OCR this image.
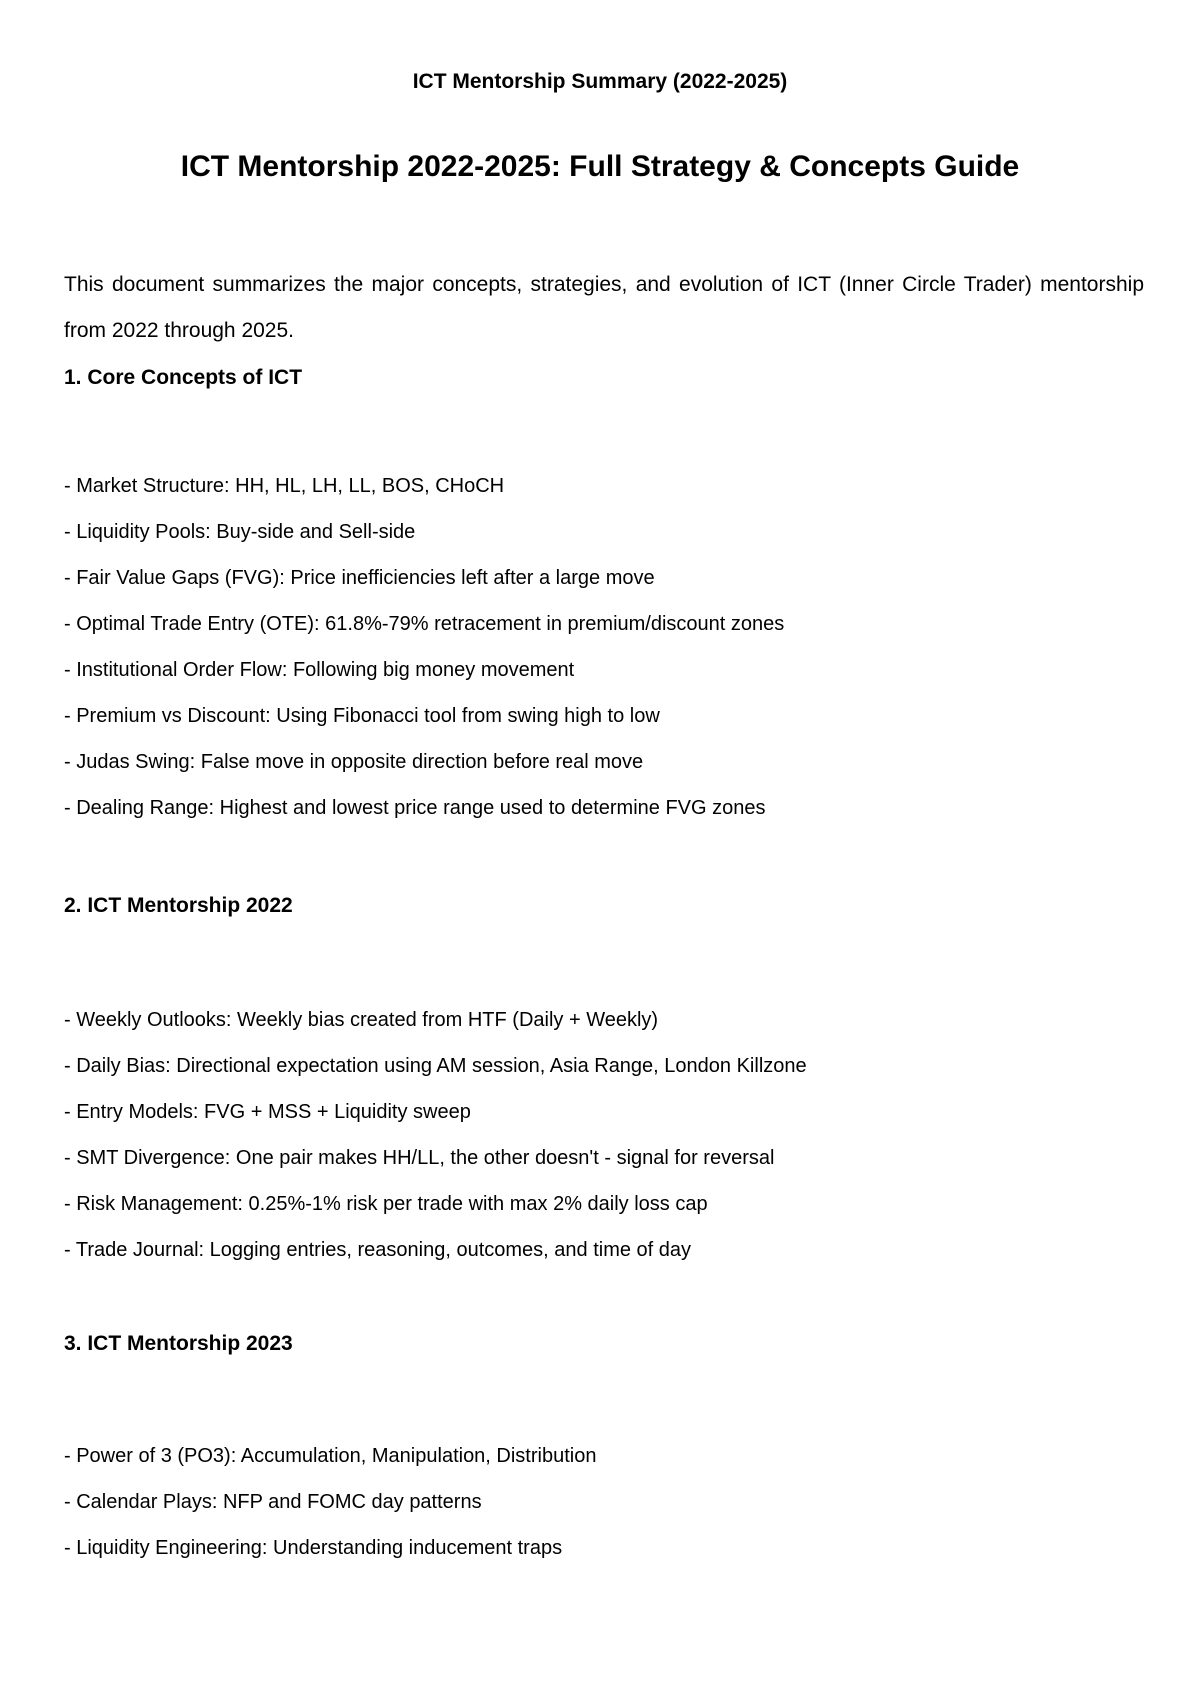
ICT Mentorship Summary (2022-2025)
ICT Mentorship 2022-2025: Full Strategy & Concepts Guide
This document summarizes the major concepts, strategies, and evolution of ICT (Inner Circle Trader) mentorship from 2022 through 2025.
1. Core Concepts of ICT
- Market Structure: HH, HL, LH, LL, BOS, CHoCH
- Liquidity Pools: Buy-side and Sell-side
- Fair Value Gaps (FVG): Price inefficiencies left after a large move
- Optimal Trade Entry (OTE): 61.8%-79% retracement in premium/discount zones
- Institutional Order Flow: Following big money movement
- Premium vs Discount: Using Fibonacci tool from swing high to low
- Judas Swing: False move in opposite direction before real move
- Dealing Range: Highest and lowest price range used to determine FVG zones
2. ICT Mentorship 2022
- Weekly Outlooks: Weekly bias created from HTF (Daily + Weekly)
- Daily Bias: Directional expectation using AM session, Asia Range, London Killzone
- Entry Models: FVG + MSS + Liquidity sweep
- SMT Divergence: One pair makes HH/LL, the other doesn't - signal for reversal
- Risk Management: 0.25%-1% risk per trade with max 2% daily loss cap
- Trade Journal: Logging entries, reasoning, outcomes, and time of day
3. ICT Mentorship 2023
- Power of 3 (PO3): Accumulation, Manipulation, Distribution
- Calendar Plays: NFP and FOMC day patterns
- Liquidity Engineering: Understanding inducement traps
